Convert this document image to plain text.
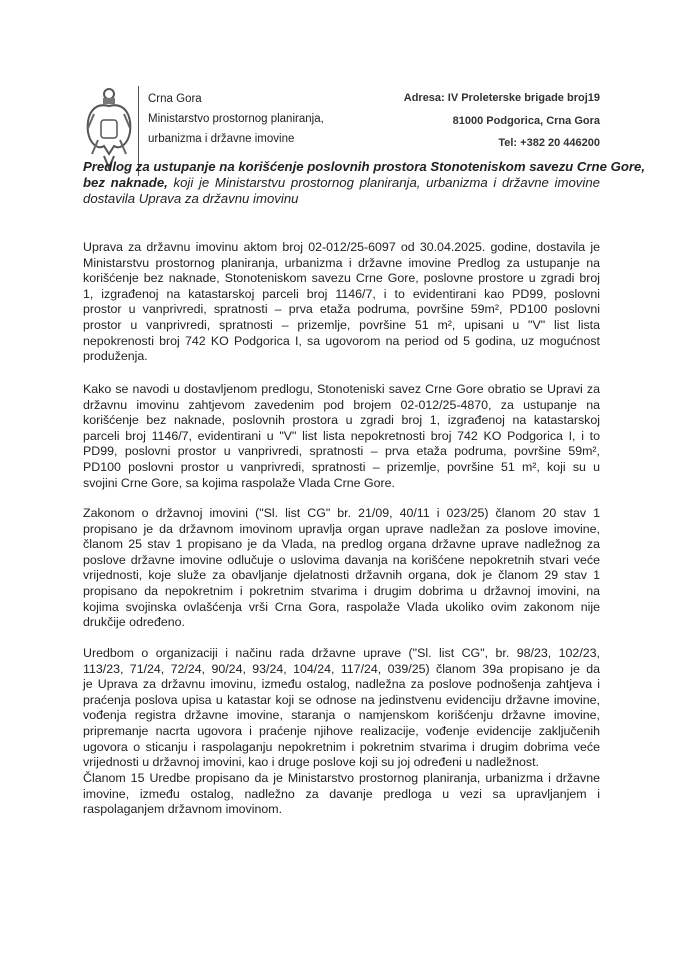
Crna Gora
Ministarstvo prostornog planiranja,
urbanizma i državne imovine
Adresa: IV Proleterske brigade broj19
81000 Podgorica, Crna Gora
Tel: +382 20 446200
Predlog za ustupanje na korišćenje poslovnih prostora Stonoteniskom savezu Crne Gore,
bez naknade, koji je Ministarstvu prostornog planiranja, urbanizma i državne imovine
dostavila Uprava za državnu imovinu
Uprava za državnu imovinu aktom broj 02-012/25-6097 od 30.04.2025. godine, dostavila je
Ministarstvu prostornog planiranja, urbanizma i državne imovine Predlog za ustupanje na
korišćenje bez naknade, Stonoteniskom savezu Crne Gore, poslovne prostore u zgradi broj
1, izgrađenoj na katastarskoj parceli broj 1146/7, i to evidentirani kao PD99, poslovni
prostor u vanprivredi, spratnosti – prva etaža podruma, površine 59m², PD100 poslovni
prostor u vanprivredi, spratnosti – prizemlje, površine 51 m², upisani u "V" list lista
nepokrenosti broj 742 KO Podgorica I, sa ugovorom na period od 5 godina, uz mogućnost
produženja.
Kako se navodi u dostavljenom predlogu, Stonoteniski savez Crne Gore obratio se Upravi za
državnu imovinu zahtjevom zavedenim pod brojem 02-012/25-4870, za ustupanje na
korišćenje bez naknade, poslovnih prostora u zgradi broj 1, izgrađenoj na katastarskoj
parceli broj 1146/7, evidentirani u "V" list lista nepokretnosti broj 742 KO Podgorica I, i to
PD99, poslovni prostor u vanprivredi, spratnosti – prva etaža podruma, površine 59m²,
PD100 poslovni prostor u vanprivredi, spratnosti – prizemlje, površine 51 m², koji su u
svojini Crne Gore, sa kojima raspolaže Vlada Crne Gore.
Zakonom o državnoj imovini ("Sl. list CG" br. 21/09, 40/11 i 023/25) članom 20 stav 1
propisano je da državnom imovinom upravlja organ uprave nadležan za poslove imovine,
članom 25 stav 1 propisano je da Vlada, na predlog organa državne uprave nadležnog za
poslove državne imovine odlučuje o uslovima davanja na korišćene nepokretnih stvari veće
vrijednosti, koje služe za obavljanje djelatnosti državnih organa, dok je članom 29 stav 1
propisano da nepokretnim i pokretnim stvarima i drugim dobrima u državnoj imovini, na
kojima svojinska ovlašćenja vrši Crna Gora, raspolaže Vlada ukoliko ovim zakonom nije
drukčije određeno.
Uredbom o organizaciji i načinu rada državne uprave ("Sl. list CG", br. 98/23, 102/23,
113/23, 71/24, 72/24, 90/24, 93/24, 104/24, 117/24, 039/25) članom 39a propisano je da
je Uprava za državnu imovinu, između ostalog, nadležna za poslove podnošenja zahtjeva i
praćenja poslova upisa u katastar koji se odnose na jedinstvenu evidenciju državne imovine,
vođenja registra državne imovine, staranja o namjenskom korišćenju državne imovine,
pripremanje nacrta ugovora i praćenje njihove realizacije, vođenje evidencije zaključenih
ugovora o sticanju i raspolaganju nepokretnim i pokretnim stvarima i drugim dobrima veće
vrijednosti u državnoj imovini, kao i druge poslove koji su joj određeni u nadležnost.
Članom 15 Uredbe propisano da je Ministarstvo prostornog planiranja, urbanizma i državne
imovine, između ostalog, nadležno za davanje predloga u vezi sa upravljanjem i
raspolaganjem državnom imovinom.
